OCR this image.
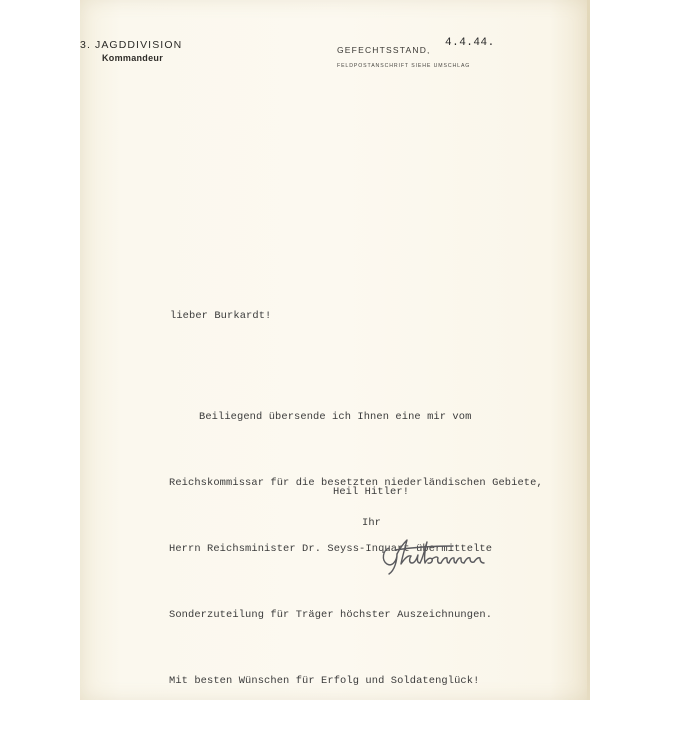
3. JAGDDIVISION
Kommandeur
GEFECHTSSTAND,
4.4.44.
FELDPOSTANSCHRIFT SIEHE UMSCHLAG
lieber Burkardt!

Beiliegend übersende ich Ihnen eine mir vom

Reichskommissar für die besetzten niederländischen Gebiete,

Herrn Reichsminister Dr. Seyss-Inquart übermittelte

Sonderzuteilung für Träger höchster Auszeichnungen.

Mit besten Wünschen für Erfolg und Soldatenglück!

Heil Hitler!
Ihr
